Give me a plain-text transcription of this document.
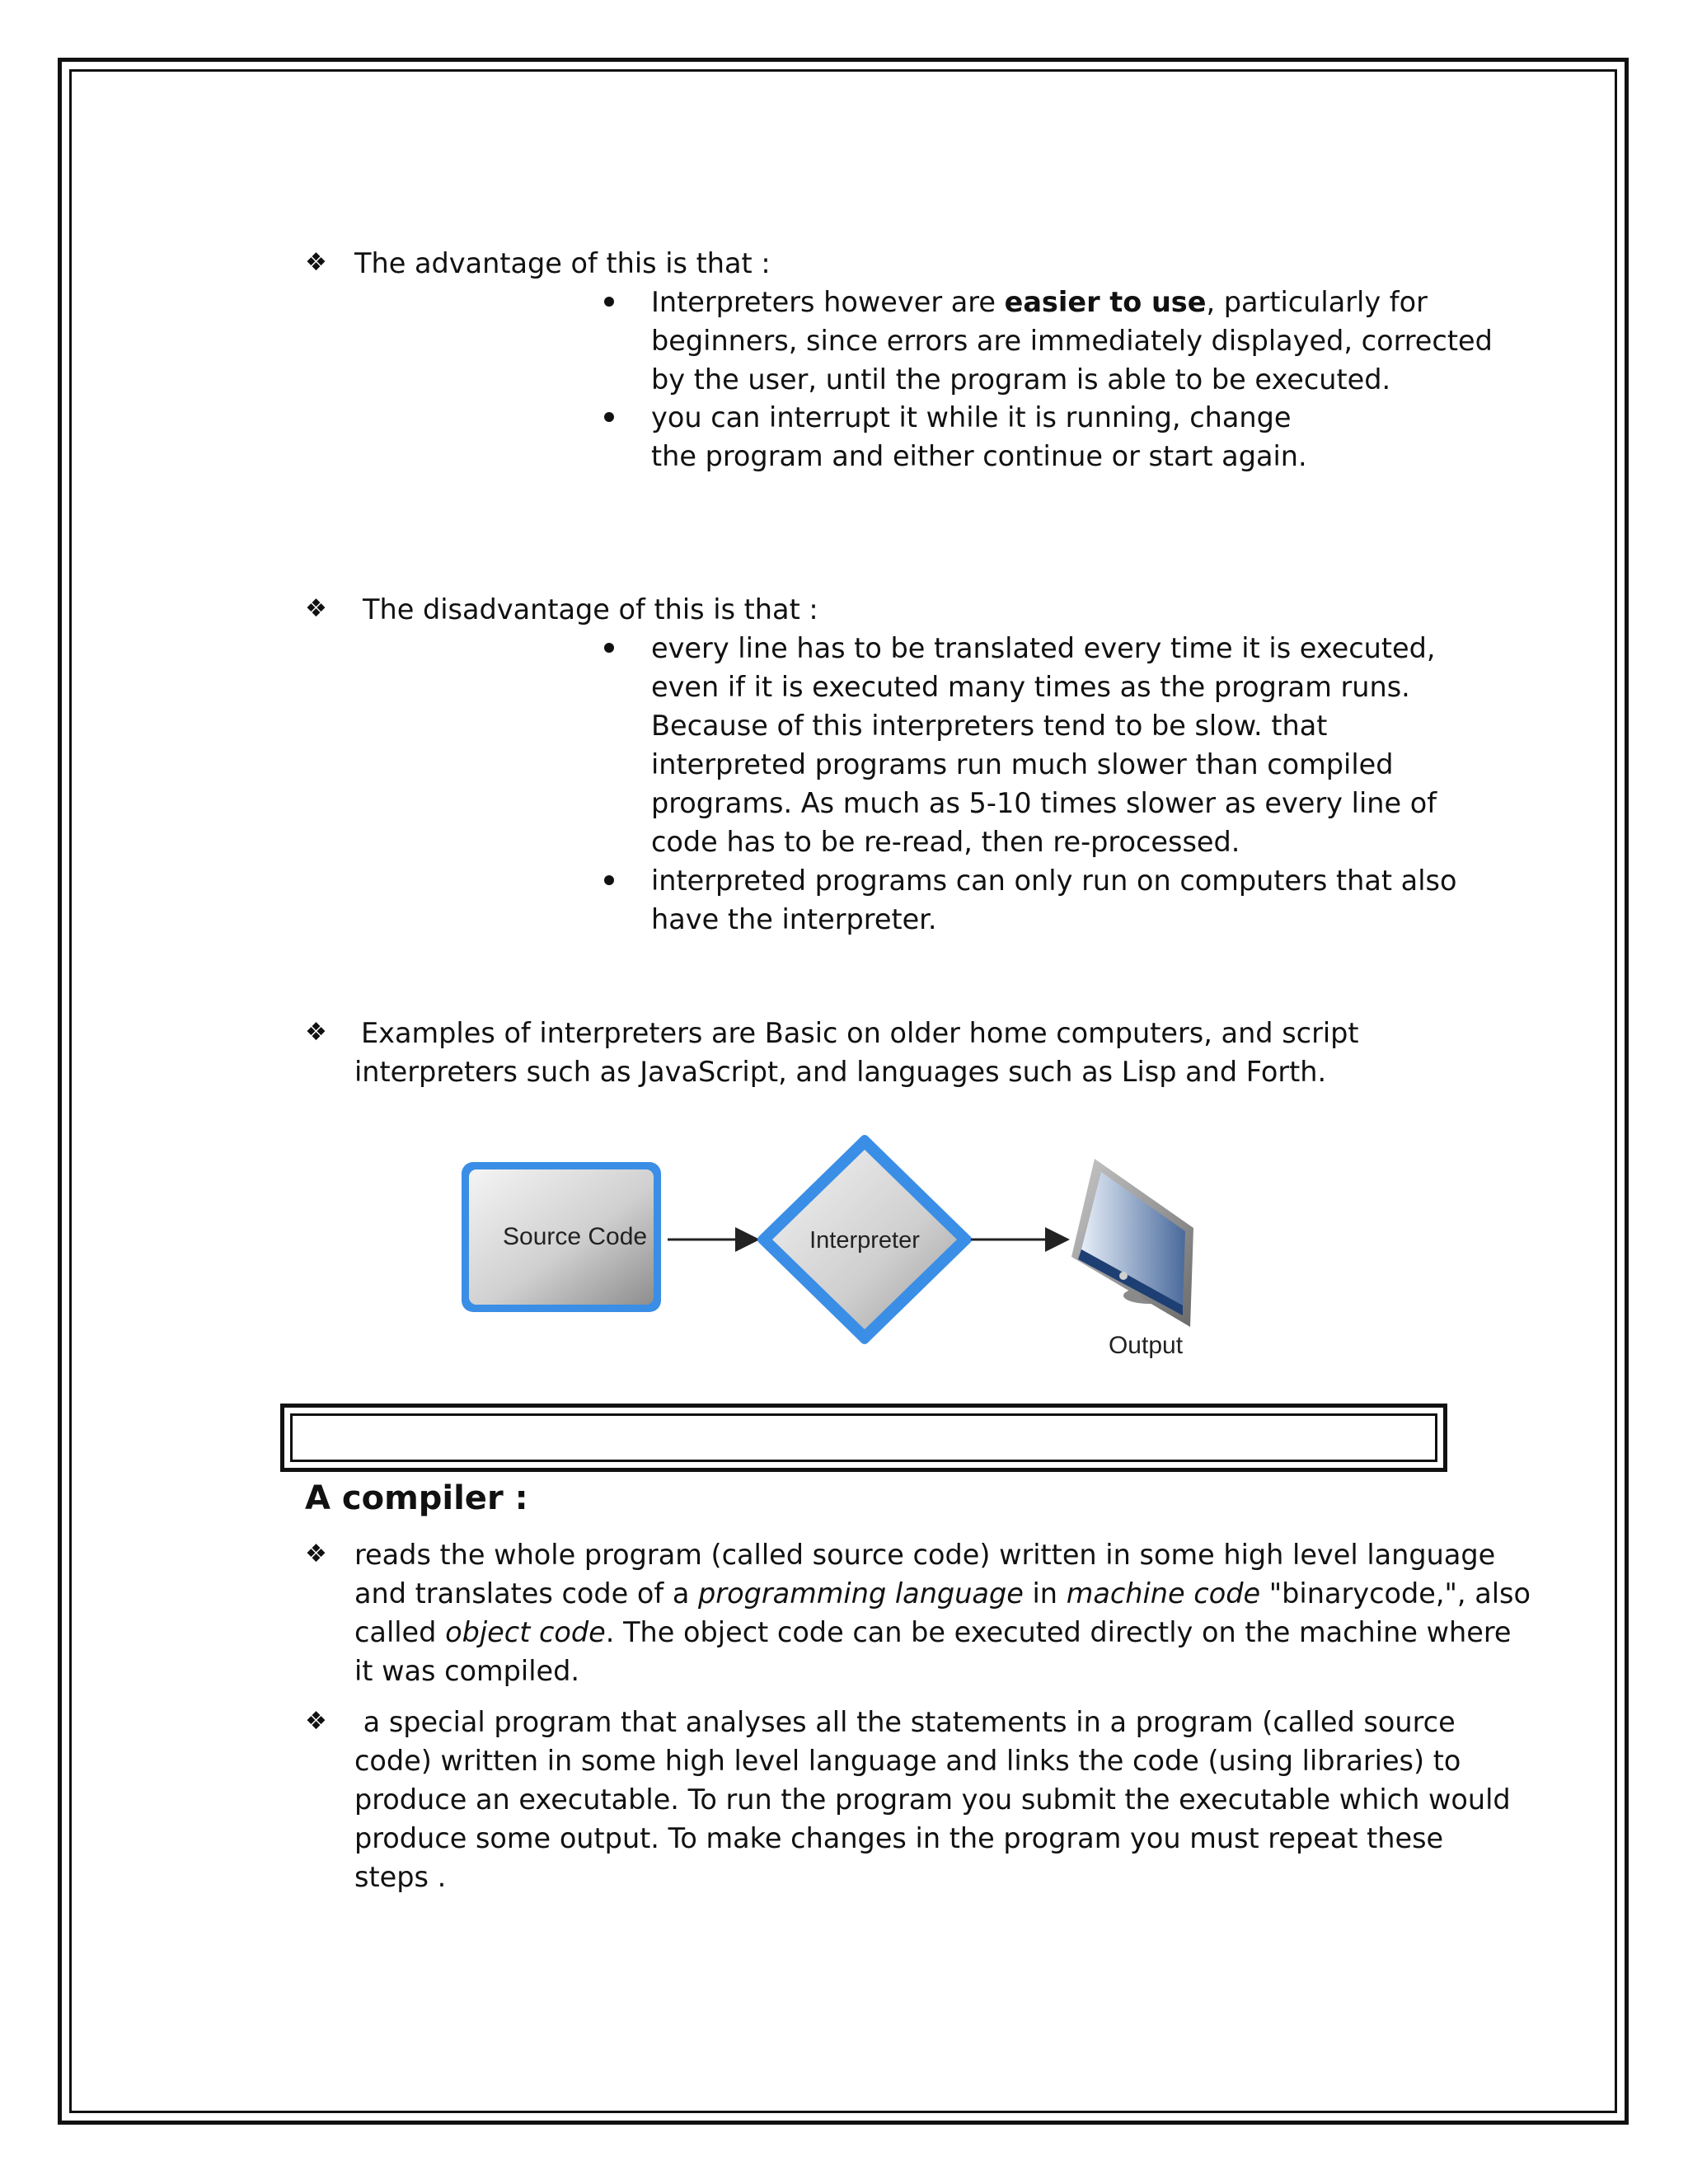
❖ The advantage of this is that :
Interpreters however are easier to use, particularly for
beginners, since errors are immediately displayed, corrected
by the user, until the program is able to be executed.
you can interrupt it while it is running, change
the program and either continue or start again.
❖ The disadvantage of this is that :
every line has to be translated every time it is executed,
even if it is executed many times as the program runs.
Because of this interpreters tend to be slow. that
interpreted programs run much slower than compiled
programs. As much as 5-10 times slower as every line of
code has to be re-read, then re-processed.
interpreted programs can only run on computers that also
have the interpreter.
❖ Examples of interpreters are Basic on older home computers, and script
interpreters such as JavaScript, and languages such as Lisp and Forth.
Source Code	Interpreter
Output
A compiler :
❖ reads the whole program (called source code) written in some high level language
and translates code of a programming language in machine code "binarycode,", also
called object code. The object code can be executed directly on the machine where
it was compiled.
❖ a special program that analyses all the statements in a program (called source
code) written in some high level language and links the code (using libraries) to
produce an executable. To run the program you submit the executable which would
produce some output. To make changes in the program you must repeat these
steps .
